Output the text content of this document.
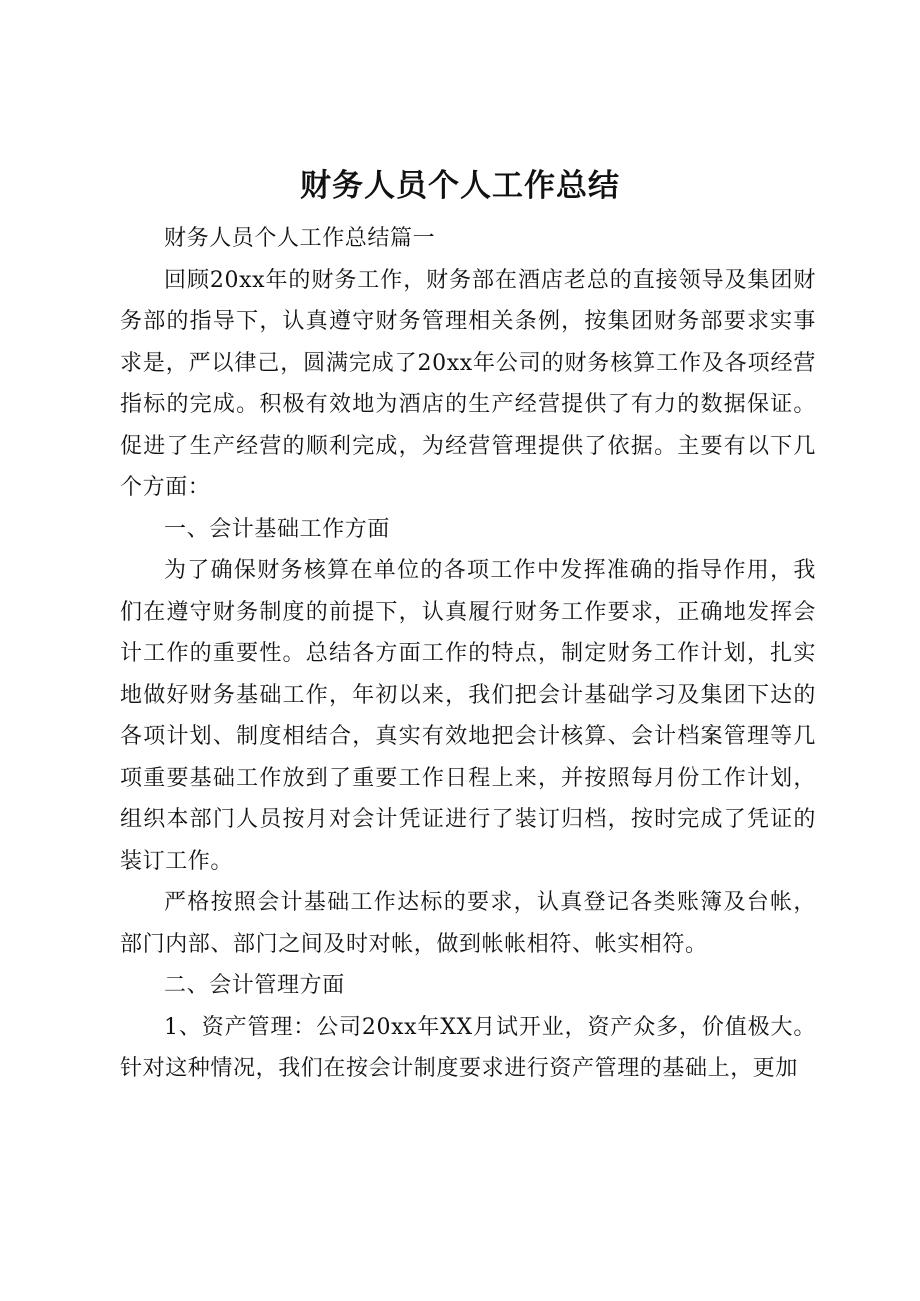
财务人员个人工作总结

财务人员个人工作总结篇一

回顾20xx年的财务工作，财务部在酒店老总的直接领导及集团财务部的指导下，认真遵守财务管理相关条例，按集团财务部要求实事求是，严以律己，圆满完成了20xx年公司的财务核算工作及各项经营指标的完成。积极有效地为酒店的生产经营提供了有力的数据保证。促进了生产经营的顺利完成，为经营管理提供了依据。主要有以下几个方面：

一、会计基础工作方面

为了确保财务核算在单位的各项工作中发挥准确的指导作用，我们在遵守财务制度的前提下，认真履行财务工作要求，正确地发挥会计工作的重要性。总结各方面工作的特点，制定财务工作计划，扎实地做好财务基础工作，年初以来，我们把会计基础学习及集团下达的各项计划、制度相结合，真实有效地把会计核算、会计档案管理等几项重要基础工作放到了重要工作日程上来，并按照每月份工作计划，组织本部门人员按月对会计凭证进行了装订归档，按时完成了凭证的装订工作。

严格按照会计基础工作达标的要求，认真登记各类账簿及台帐，部门内部、部门之间及时对帐，做到帐帐相符、帐实相符。

二、会计管理方面

1、资产管理：公司20xx年XX月试开业，资产众多，价值极大。针对这种情况，我们在按会计制度要求进行资产管理的基础上，更加
